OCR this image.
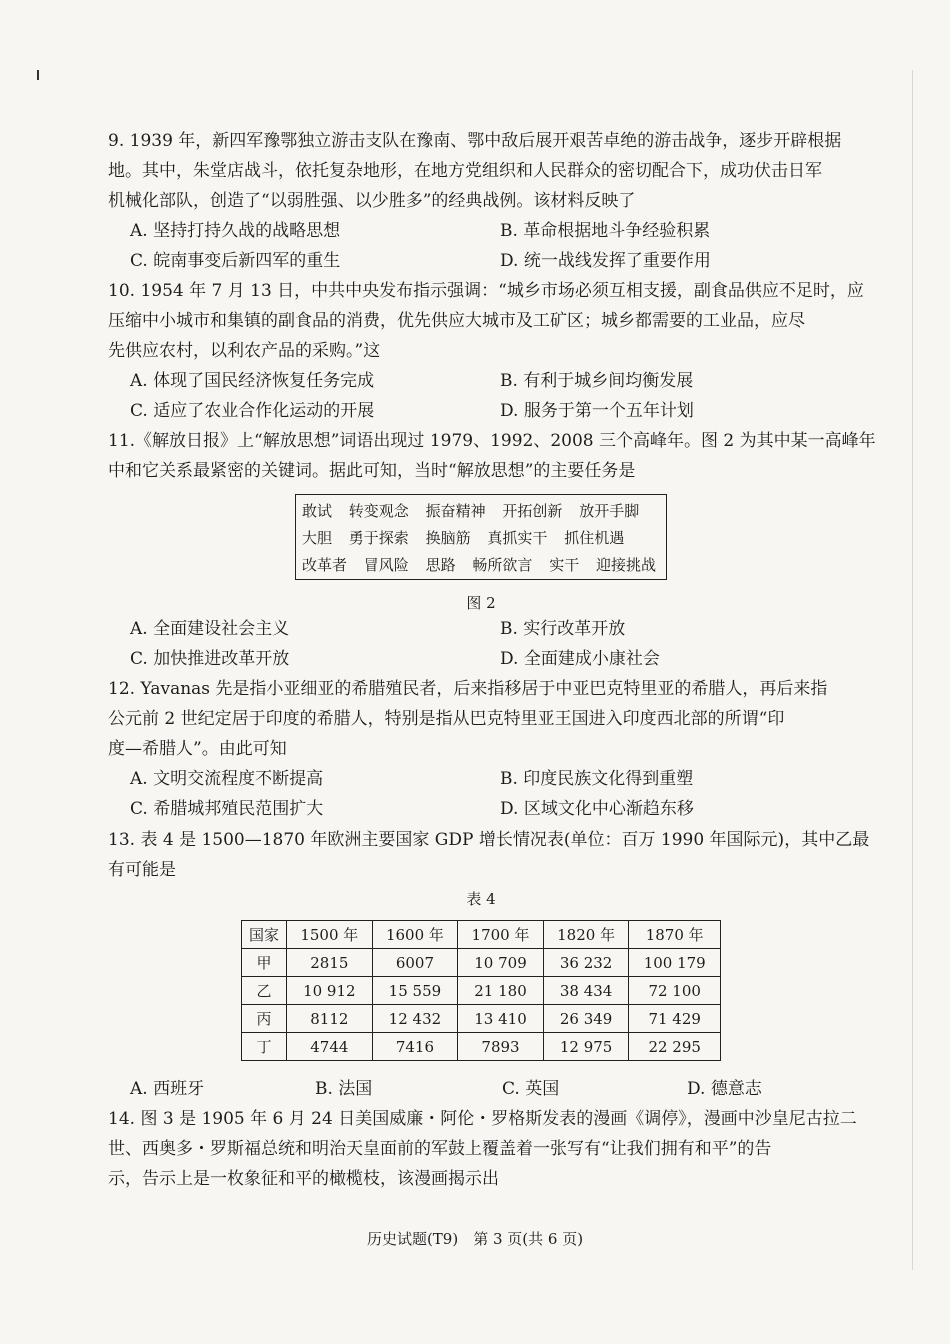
9. 1939 年，新四军豫鄂独立游击支队在豫南、鄂中敌后展开艰苦卓绝的游击战争，逐步开辟根据
地。其中，朱堂店战斗，依托复杂地形，在地方党组织和人民群众的密切配合下，成功伏击日军
机械化部队，创造了“以弱胜强、以少胜多”的经典战例。该材料反映了
A. 坚持打持久战的战略思想	B. 革命根据地斗争经验积累
C. 皖南事变后新四军的重生	D. 统一战线发挥了重要作用
10. 1954 年 7 月 13 日，中共中央发布指示强调：“城乡市场必须互相支援，副食品供应不足时，应
压缩中小城市和集镇的副食品的消费，优先供应大城市及工矿区；城乡都需要的工业品，应尽
先供应农村，以利农产品的采购。”这
A. 体现了国民经济恢复任务完成	B. 有利于城乡间均衡发展
C. 适应了农业合作化运动的开展	D. 服务于第一个五年计划
11.《解放日报》上“解放思想”词语出现过 1979、1992、2008 三个高峰年。图 2 为其中某一高峰年
中和它关系最紧密的关键词。据此可知，当时“解放思想”的主要任务是
敢试 转变观念 振奋精神 开拓创新 放开手脚
大胆 勇于探索 换脑筋 真抓实干 抓住机遇
改革者 冒风险 思路 畅所欲言 实干 迎接挑战
图 2
A. 全面建设社会主义	B. 实行改革开放
C. 加快推进改革开放	D. 全面建成小康社会
12. Yavanas 先是指小亚细亚的希腊殖民者，后来指移居于中亚巴克特里亚的希腊人，再后来指
公元前 2 世纪定居于印度的希腊人，特别是指从巴克特里亚王国进入印度西北部的所谓“印
度—希腊人”。由此可知
A. 文明交流程度不断提高	B. 印度民族文化得到重塑
C. 希腊城邦殖民范围扩大	D. 区域文化中心渐趋东移
13. 表 4 是 1500—1870 年欧洲主要国家 GDP 增长情况表(单位：百万 1990 年国际元)，其中乙最
有可能是
表 4
国家	1500 年	1600 年	1700 年	1820 年	1870 年
甲	2815	6007	10 709	36 232	100 179
乙	10 912	15 559	21 180	38 434	72 100
丙	8112	12 432	13 410	26 349	71 429
丁	4744	7416	7893	12 975	22 295
A. 西班牙	B. 法国	C. 英国	D. 德意志
14. 图 3 是 1905 年 6 月 24 日美国威廉・阿伦・罗格斯发表的漫画《调停》，漫画中沙皇尼古拉二
世、西奥多・罗斯福总统和明治天皇面前的军鼓上覆盖着一张写有“让我们拥有和平”的告
示，告示上是一枚象征和平的橄榄枝，该漫画揭示出
历史试题(T9)　第 3 页(共 6 页)
